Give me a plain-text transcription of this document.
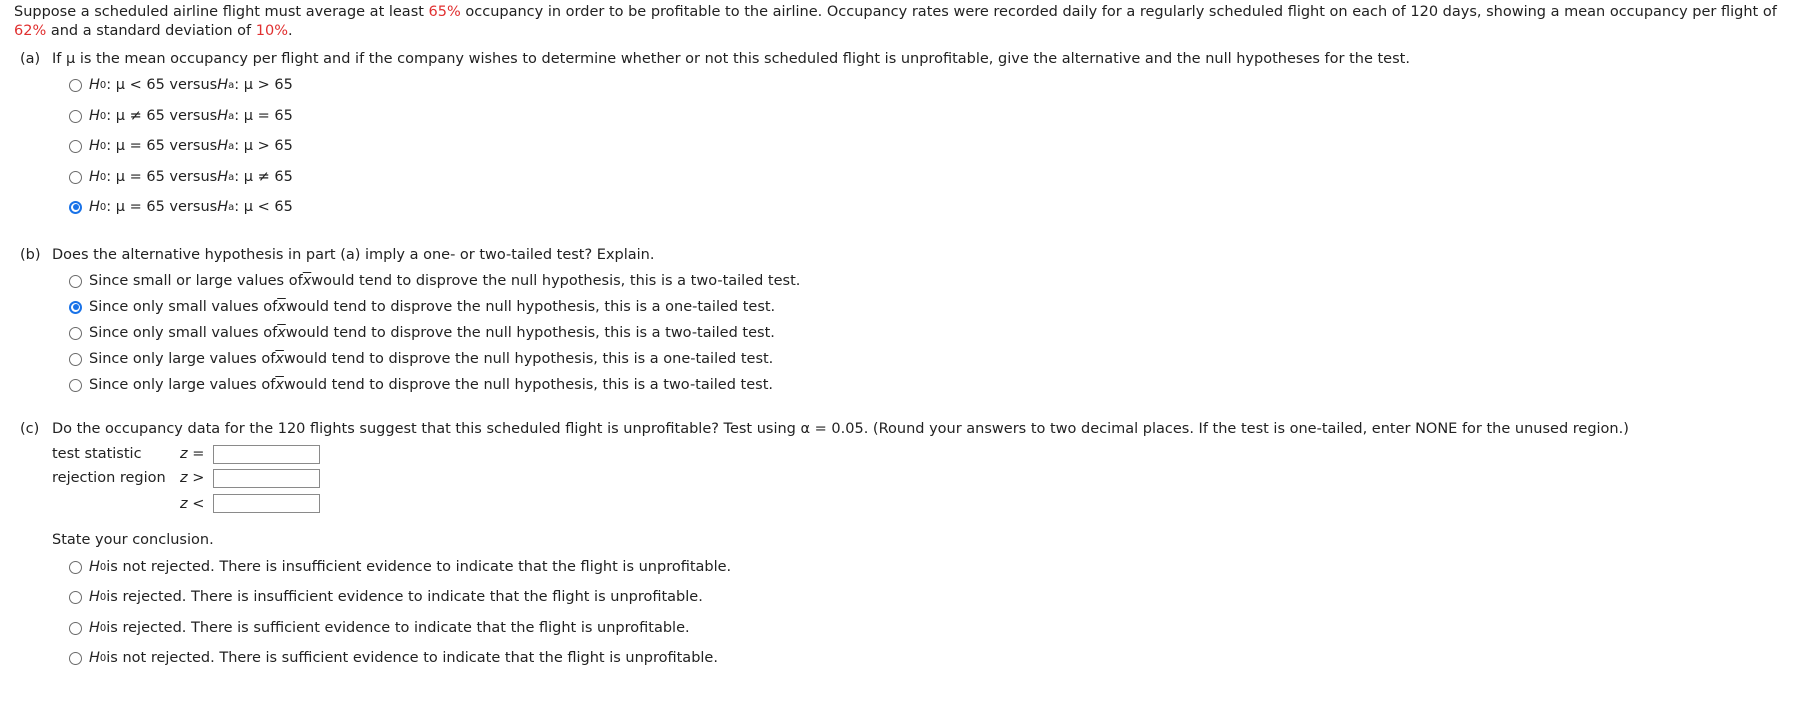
Suppose a scheduled airline flight must average at least 65% occupancy in order to be profitable to the airline. Occupancy rates were recorded daily for a regularly scheduled flight on each of 120 days, showing a mean occupancy per flight of 62% and a standard deviation of 10%.
(a) If μ is the mean occupancy per flight and if the company wishes to determine whether or not this scheduled flight is unprofitable, give the alternative and the null hypotheses for the test.
H 0 : μ < 65 versus H a : μ > 65
H 0 : μ ≠ 65 versus H a : μ = 65
H 0 : μ = 65 versus H a : μ > 65
H 0 : μ = 65 versus H a : μ ≠ 65
H 0 : μ = 65 versus H a : μ < 65
(b) Does the alternative hypothesis in part (a) imply a one- or two-tailed test? Explain.
Since small or large values of $\overline{x}$ would tend to disprove the null hypothesis, this is a two-tailed test.
Since only small values of $\overline{x}$ would tend to disprove the null hypothesis, this is a one-tailed test.
Since only small values of $\overline{x}$ would tend to disprove the null hypothesis, this is a two-tailed test.
Since only large values of $\overline{x}$ would tend to disprove the null hypothesis, this is a one-tailed test.
Since only large values of $\overline{x}$ would tend to disprove the null hypothesis, this is a two-tailed test.
(c) Do the occupancy data for the 120 flights suggest that this scheduled flight is unprofitable? Test using α = 0.05. (Round your answers to two decimal places. If the test is one-tailed, enter NONE for the unused region.)
test statistic	z =
rejection region z >
z <
State your conclusion.
H 0 is not rejected. There is insufficient evidence to indicate that the flight is unprofitable.
H 0 is rejected. There is insufficient evidence to indicate that the flight is unprofitable.
H 0 is rejected. There is sufficient evidence to indicate that the flight is unprofitable.
H 0 is not rejected. There is sufficient evidence to indicate that the flight is unprofitable.
